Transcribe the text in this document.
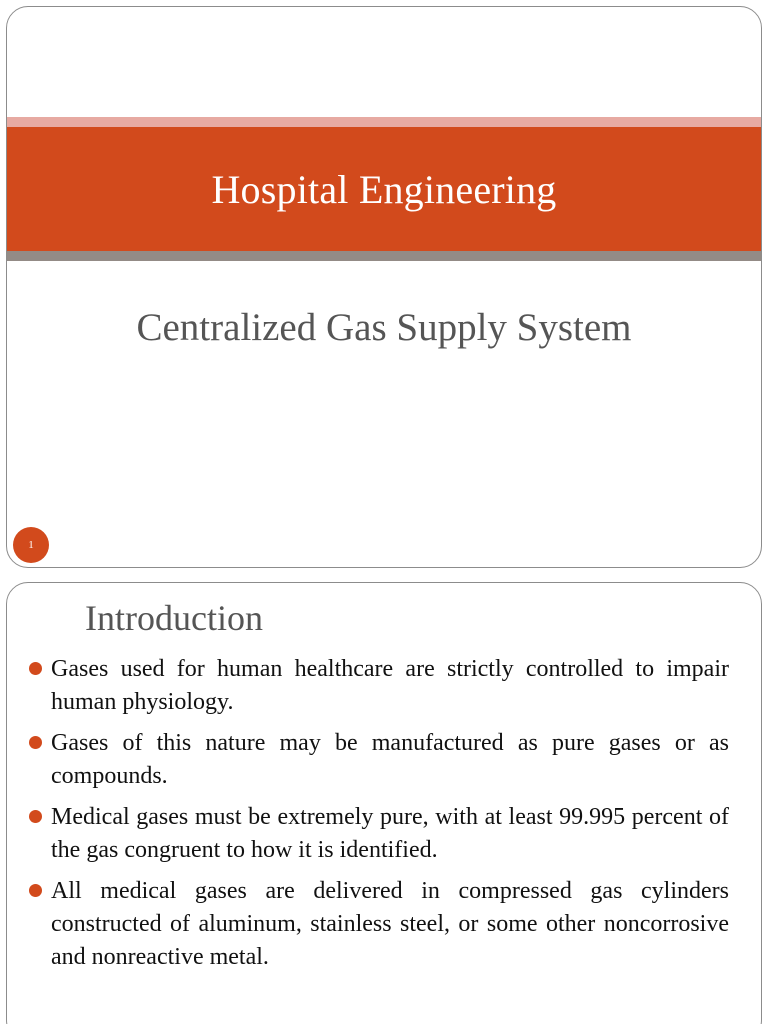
Hospital Engineering
Centralized Gas Supply System
1
Introduction
Gases used for human healthcare are strictly controlled to impair human physiology.
Gases of this nature may be manufactured as pure gases or as compounds.
Medical gases must be extremely pure, with at least 99.995 percent of the gas congruent to how it is identified.
All medical gases are delivered in compressed gas cylinders constructed of aluminum, stainless steel, or some other noncorrosive and nonreactive metal.
